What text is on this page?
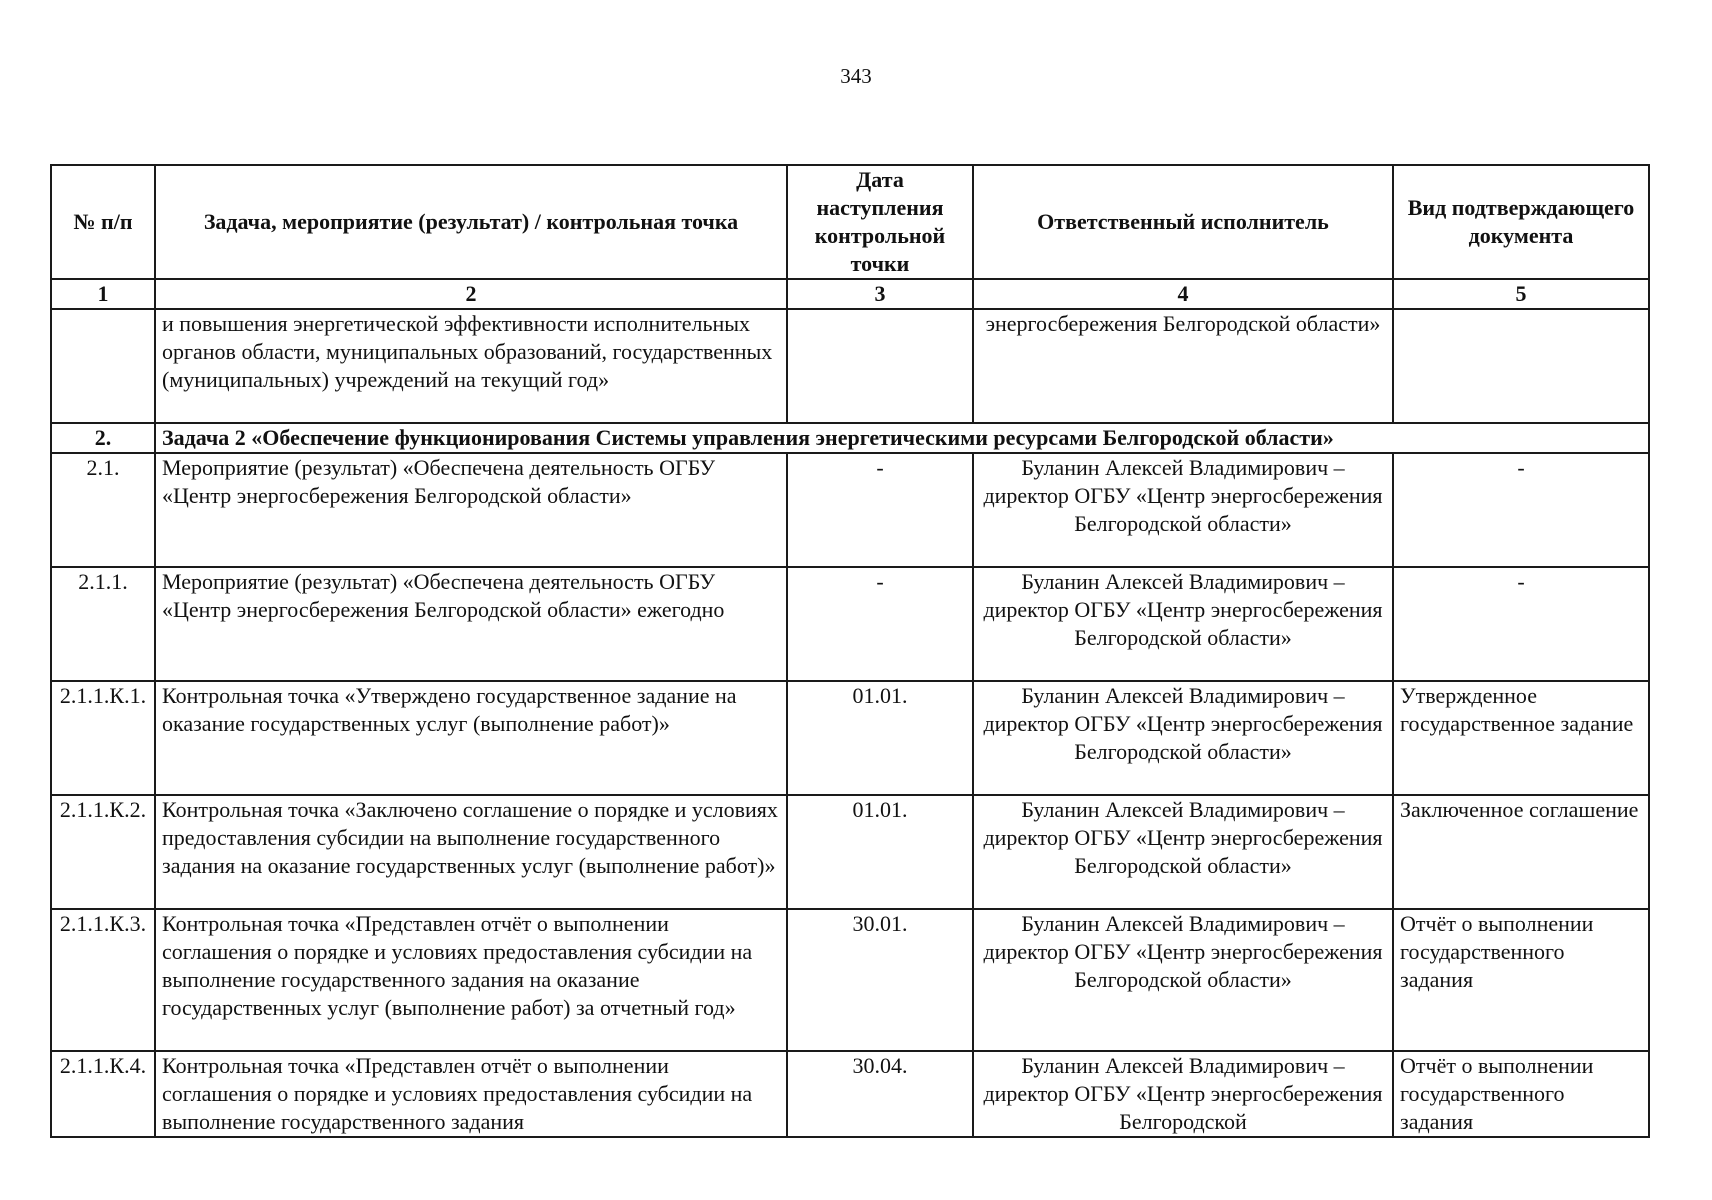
343
№ п/п	Задача, мероприятие (результат) / контрольная точка	Дата наступления контрольной точки	Ответственный исполнитель	Вид подтверждающего документа
1	2	3	4	5
	и повышения энергетической эффективности исполнительных органов области, муниципальных образований, государственных (муниципальных) учреждений на текущий год»		энергосбережения Белгородской области»	
2.	Задача 2 «Обеспечение функционирования Системы управления энергетическими ресурсами Белгородской области»			
2.1.	Мероприятие (результат) «Обеспечена деятельность ОГБУ «Центр энергосбережения Белгородской области»	-	Буланин Алексей Владимирович – директор ОГБУ «Центр энергосбережения Белгородской области»	-
2.1.1.	Мероприятие (результат) «Обеспечена деятельность ОГБУ «Центр энергосбережения Белгородской области» ежегодно	-	Буланин Алексей Владимирович – директор ОГБУ «Центр энергосбережения Белгородской области»	-
2.1.1.К.1.	Контрольная точка «Утверждено государственное задание на оказание государственных услуг (выполнение работ)»	01.01.	Буланин Алексей Владимирович – директор ОГБУ «Центр энергосбережения Белгородской области»	Утвержденное государственное задание
2.1.1.К.2.	Контрольная точка «Заключено соглашение о порядке и условиях предоставления субсидии на выполнение государственного задания на оказание государственных услуг (выполнение работ)»	01.01.	Буланин Алексей Владимирович – директор ОГБУ «Центр энергосбережения Белгородской области»	Заключенное соглашение
2.1.1.К.3.	Контрольная точка «Представлен отчёт о выполнении соглашения о порядке и условиях предоставления субсидии на выполнение государственного задания на оказание государственных услуг (выполнение работ) за отчетный год»	30.01.	Буланин Алексей Владимирович – директор ОГБУ «Центр энергосбережения Белгородской области»	Отчёт о выполнении государственного задания
2.1.1.К.4.	Контрольная точка «Представлен отчёт о выполнении соглашения о порядке и условиях предоставления субсидии на выполнение государственного задания	30.04.	Буланин Алексей Владимирович – директор ОГБУ «Центр энергосбережения Белгородской	Отчёт о выполнении государственного задания
